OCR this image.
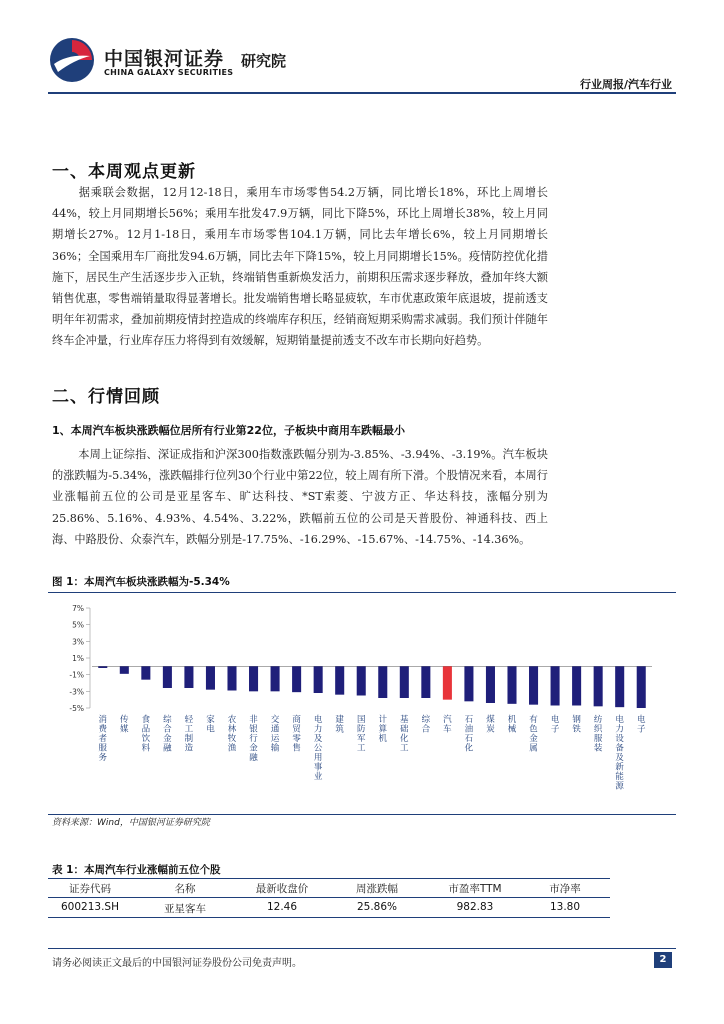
中国银河证券
CHINA GALAXY SECURITIES
研究院
行业周报/汽车行业
一、本周观点更新
据乘联会数据，12月12-18日，乘用车市场零售54.2万辆，同比增长18%，环比上周增长44%，较上月同期增长56%；乘用车批发47.9万辆，同比下降5%，环比上周增长38%，较上月同期增长27%。12月1-18日，乘用车市场零售104.1万辆，同比去年增长6%，较上月同期增长36%；全国乘用车厂商批发94.6万辆，同比去年下降15%，较上月同期增长15%。疫情防控优化措施下，居民生产生活逐步步入正轨，终端销售重新焕发活力，前期积压需求逐步释放，叠加年终大额销售优惠，零售端销量取得显著增长。批发端销售增长略显疲软，车市优惠政策年底退坡，提前透支明年年初需求，叠加前期疫情封控造成的终端库存积压，经销商短期采购需求减弱。我们预计伴随年终车企冲量，行业库存压力将得到有效缓解，短期销量提前透支不改车市长期向好趋势。
二、行情回顾
1、本周汽车板块涨跌幅位居所有行业第22位，子板块中商用车跌幅最小
本周上证综指、深证成指和沪深300指数涨跌幅分别为-3.85%、-3.94%、-3.19%。汽车板块的涨跌幅为-5.34%，涨跌幅排行位列30个行业中第22位，较上周有所下滑。个股情况来看，本周行业涨幅前五位的公司是亚星客车、旷达科技、*ST索菱、宁波方正、华达科技，涨幅分别为25.86%、5.16%、4.93%、4.54%、3.22%，跌幅前五位的公司是天普股份、神通科技、西上海、中路股份、众泰汽车，跌幅分别是-17.75%、-16.29%、-15.67%、-14.75%、-14.36%。
图 1：本周汽车板块涨跌幅为-5.34%
7%
5%
3%
1%
-1%
-3%
-5%
消费者服务
传媒
食品饮料
综合金融
轻工制造
家电
农林牧渔
非银行金融
交通运输
商贸零售
电力及公用事业
建筑
国防军工
计算机
基础化工
综合
汽车
石油石化
煤炭
机械
有色金属
电子
钢铁
纺织服装
电力设备及新能源
电子
资料来源：Wind，中国银河证券研究院
表 1：本周汽车行业涨幅前五位个股
证券代码	名称	最新收盘价	周涨跌幅	市盈率TTM	市净率
600213.SH	亚星客车	12.46	25.86%	982.83	13.80
请务必阅读正文最后的中国银河证券股份公司免责声明。	2
